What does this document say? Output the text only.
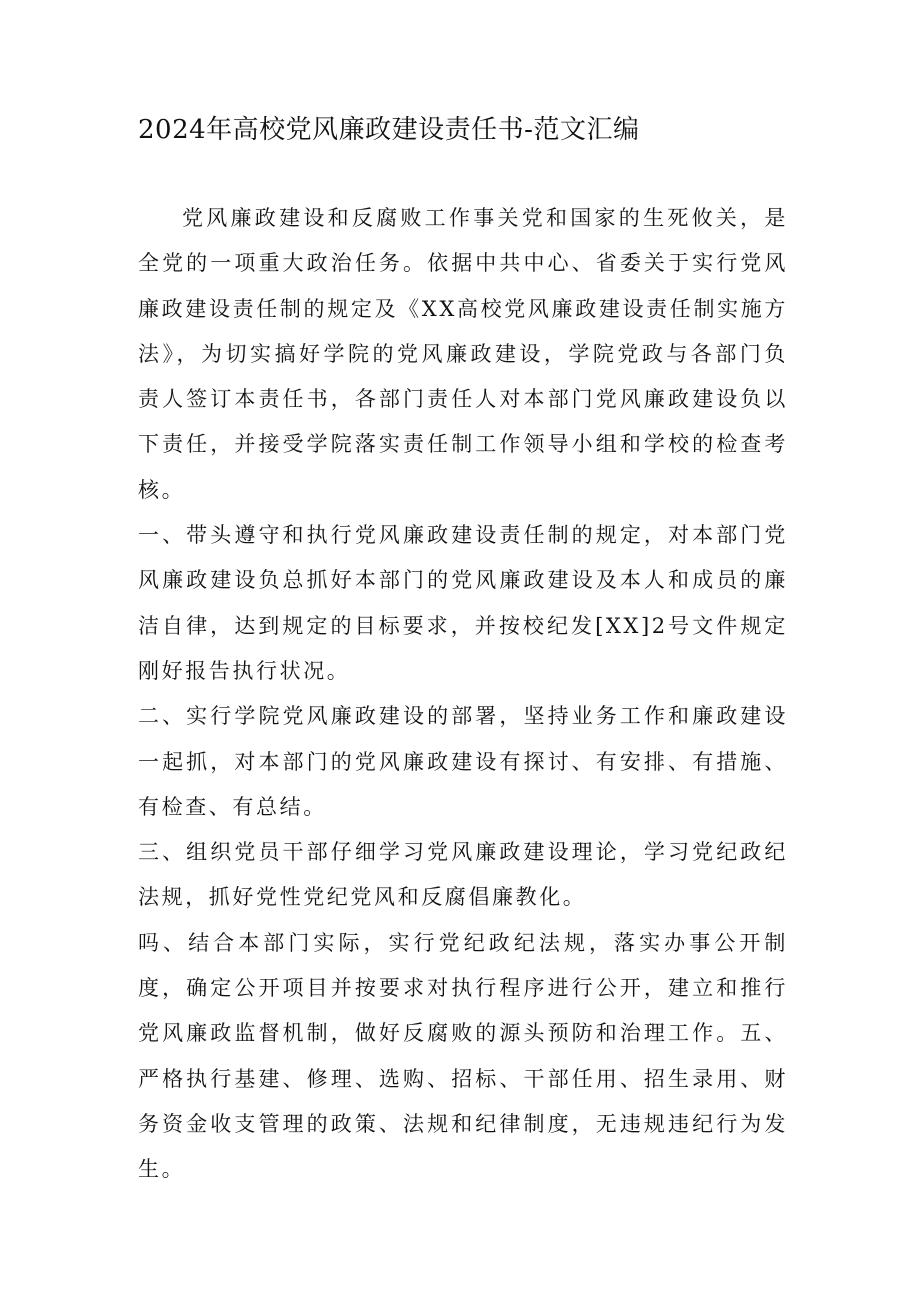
2024年高校党风廉政建设责任书-范文汇编

党风廉政建设和反腐败工作事关党和国家的生死攸关，是全党的一项重大政治任务。依据中共中心、省委关于实行党风廉政建设责任制的规定及《XX高校党风廉政建设责任制实施方法》，为切实搞好学院的党风廉政建设，学院党政与各部门负责人签订本责任书，各部门责任人对本部门党风廉政建设负以下责任，并接受学院落实责任制工作领导小组和学校的检查考核。

一、带头遵守和执行党风廉政建设责任制的规定，对本部门党风廉政建设负总抓好本部门的党风廉政建设及本人和成员的廉洁自律，达到规定的目标要求，并按校纪发[XX]2号文件规定刚好报告执行状况。

二、实行学院党风廉政建设的部署，坚持业务工作和廉政建设一起抓，对本部门的党风廉政建设有探讨、有安排、有措施、有检查、有总结。

三、组织党员干部仔细学习党风廉政建设理论，学习党纪政纪法规，抓好党性党纪党风和反腐倡廉教化。

吗、结合本部门实际，实行党纪政纪法规，落实办事公开制度，确定公开项目并按要求对执行程序进行公开，建立和推行党风廉政监督机制，做好反腐败的源头预防和治理工作。五、严格执行基建、修理、选购、招标、干部任用、招生录用、财务资金收支管理的政策、法规和纪律制度，无违规违纪行为发生。
